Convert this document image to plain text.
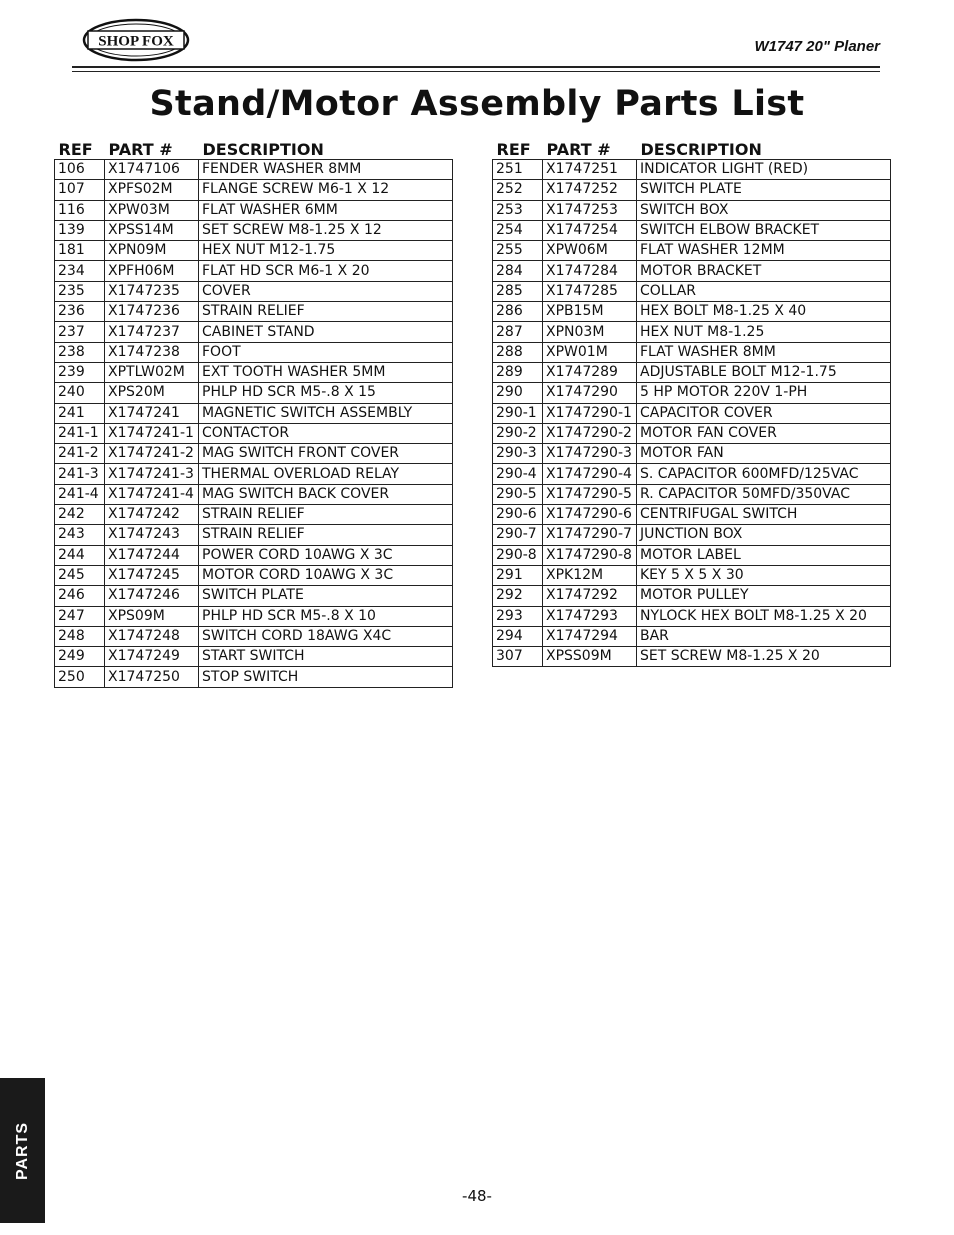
SHOP FOX	W1747 20" Planer
Stand/Motor Assembly Parts List
REF	PART #	DESCRIPTION
106	X1747106	FENDER WASHER 8MM
107	XPFS02M	FLANGE SCREW M6-1 X 12
116	XPW03M	FLAT WASHER 6MM
139	XPSS14M	SET SCREW M8-1.25 X 12
181	XPN09M	HEX NUT M12-1.75
234	XPFH06M	FLAT HD SCR M6-1 X 20
235	X1747235	COVER
236	X1747236	STRAIN RELIEF
237	X1747237	CABINET STAND
238	X1747238	FOOT
239	XPTLW02M	EXT TOOTH WASHER 5MM
240	XPS20M	PHLP HD SCR M5-.8 X 15
241	X1747241	MAGNETIC SWITCH ASSEMBLY
241-1	X1747241-1	CONTACTOR
241-2	X1747241-2	MAG SWITCH FRONT COVER
241-3	X1747241-3	THERMAL OVERLOAD RELAY
241-4	X1747241-4	MAG SWITCH BACK COVER
242	X1747242	STRAIN RELIEF
243	X1747243	STRAIN RELIEF
244	X1747244	POWER CORD 10AWG X 3C
245	X1747245	MOTOR CORD 10AWG X 3C
246	X1747246	SWITCH PLATE
247	XPS09M	PHLP HD SCR M5-.8 X 10
248	X1747248	SWITCH CORD 18AWG X4C
249	X1747249	START SWITCH
250	X1747250	STOP SWITCH
REF	PART #	DESCRIPTION
251	X1747251	INDICATOR LIGHT (RED)
252	X1747252	SWITCH PLATE
253	X1747253	SWITCH BOX
254	X1747254	SWITCH ELBOW BRACKET
255	XPW06M	FLAT WASHER 12MM
284	X1747284	MOTOR BRACKET
285	X1747285	COLLAR
286	XPB15M	HEX BOLT M8-1.25 X 40
287	XPN03M	HEX NUT M8-1.25
288	XPW01M	FLAT WASHER 8MM
289	X1747289	ADJUSTABLE BOLT M12-1.75
290	X1747290	5 HP MOTOR 220V 1-PH
290-1	X1747290-1	CAPACITOR COVER
290-2	X1747290-2	MOTOR FAN COVER
290-3	X1747290-3	MOTOR FAN
290-4	X1747290-4	S. CAPACITOR 600MFD/125VAC
290-5	X1747290-5	R. CAPACITOR 50MFD/350VAC
290-6	X1747290-6	CENTRIFUGAL SWITCH
290-7	X1747290-7	JUNCTION BOX
290-8	X1747290-8	MOTOR LABEL
291	XPK12M	KEY 5 X 5 X 30
292	X1747292	MOTOR PULLEY
293	X1747293	NYLOCK HEX BOLT M8-1.25 X 20
294	X1747294	BAR
307	XPSS09M	SET SCREW M8-1.25 X 20
PARTS
-48-
